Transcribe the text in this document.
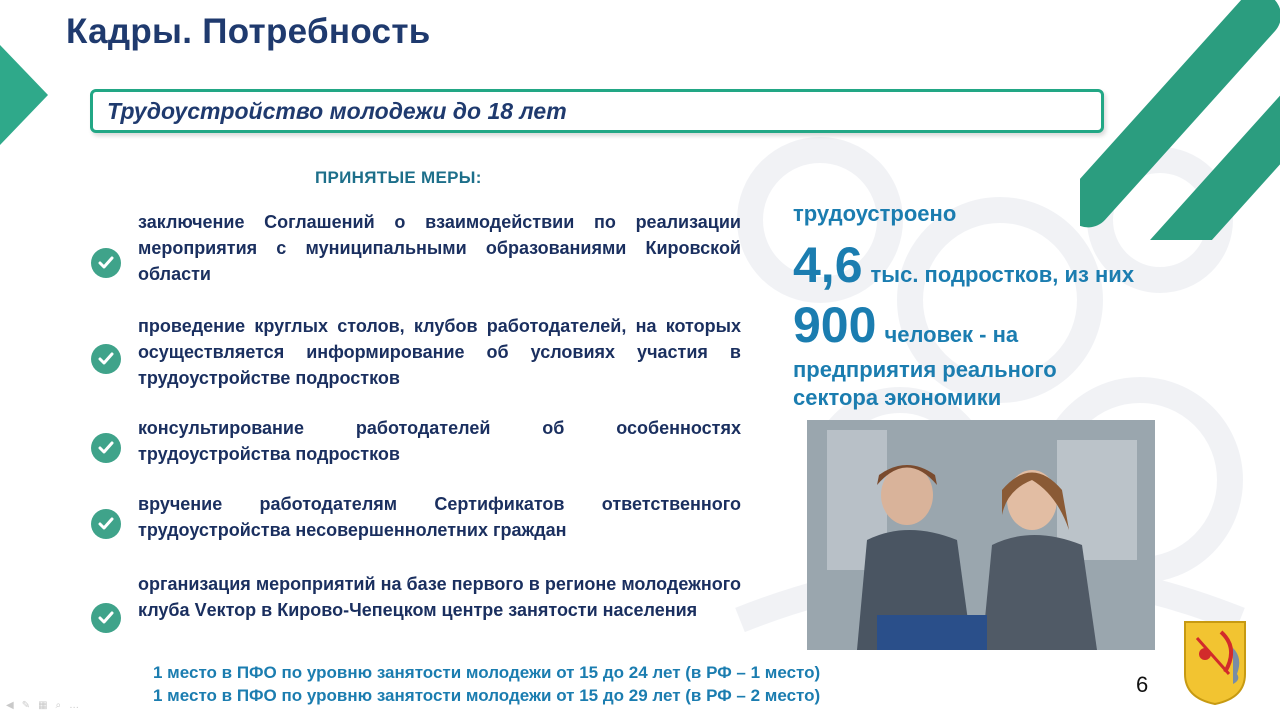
Кадры. Потребность
Трудоустройство молодежи до 18 лет
ПРИНЯТЫЕ МЕРЫ:
заключение Соглашений о взаимодействии по реализации мероприятия с муниципальными образованиями Кировской области
проведение круглых столов, клубов работодателей, на которых осуществляется информирование об условиях участия в трудоустройстве подростков
консультирование работодателей об особенностях трудоустройства подростков
вручение работодателям Сертификатов ответственного трудоустройства несовершеннолетних граждан
организация мероприятий на базе первого в регионе молодежного клуба Vектор в Кирово-Чепецком центре занятости населения
трудоустроено
4,6 тыс. подростков, из них
900 человек - на
предприятия реального
сектора экономики
1 место в ПФО по уровню занятости молодежи от 15 до 24 лет (в РФ – 1 место)
1 место в ПФО по уровню занятости молодежи от 15 до 29 лет (в РФ – 2 место)	6
◀ ✎ ▦ ⌕ …
